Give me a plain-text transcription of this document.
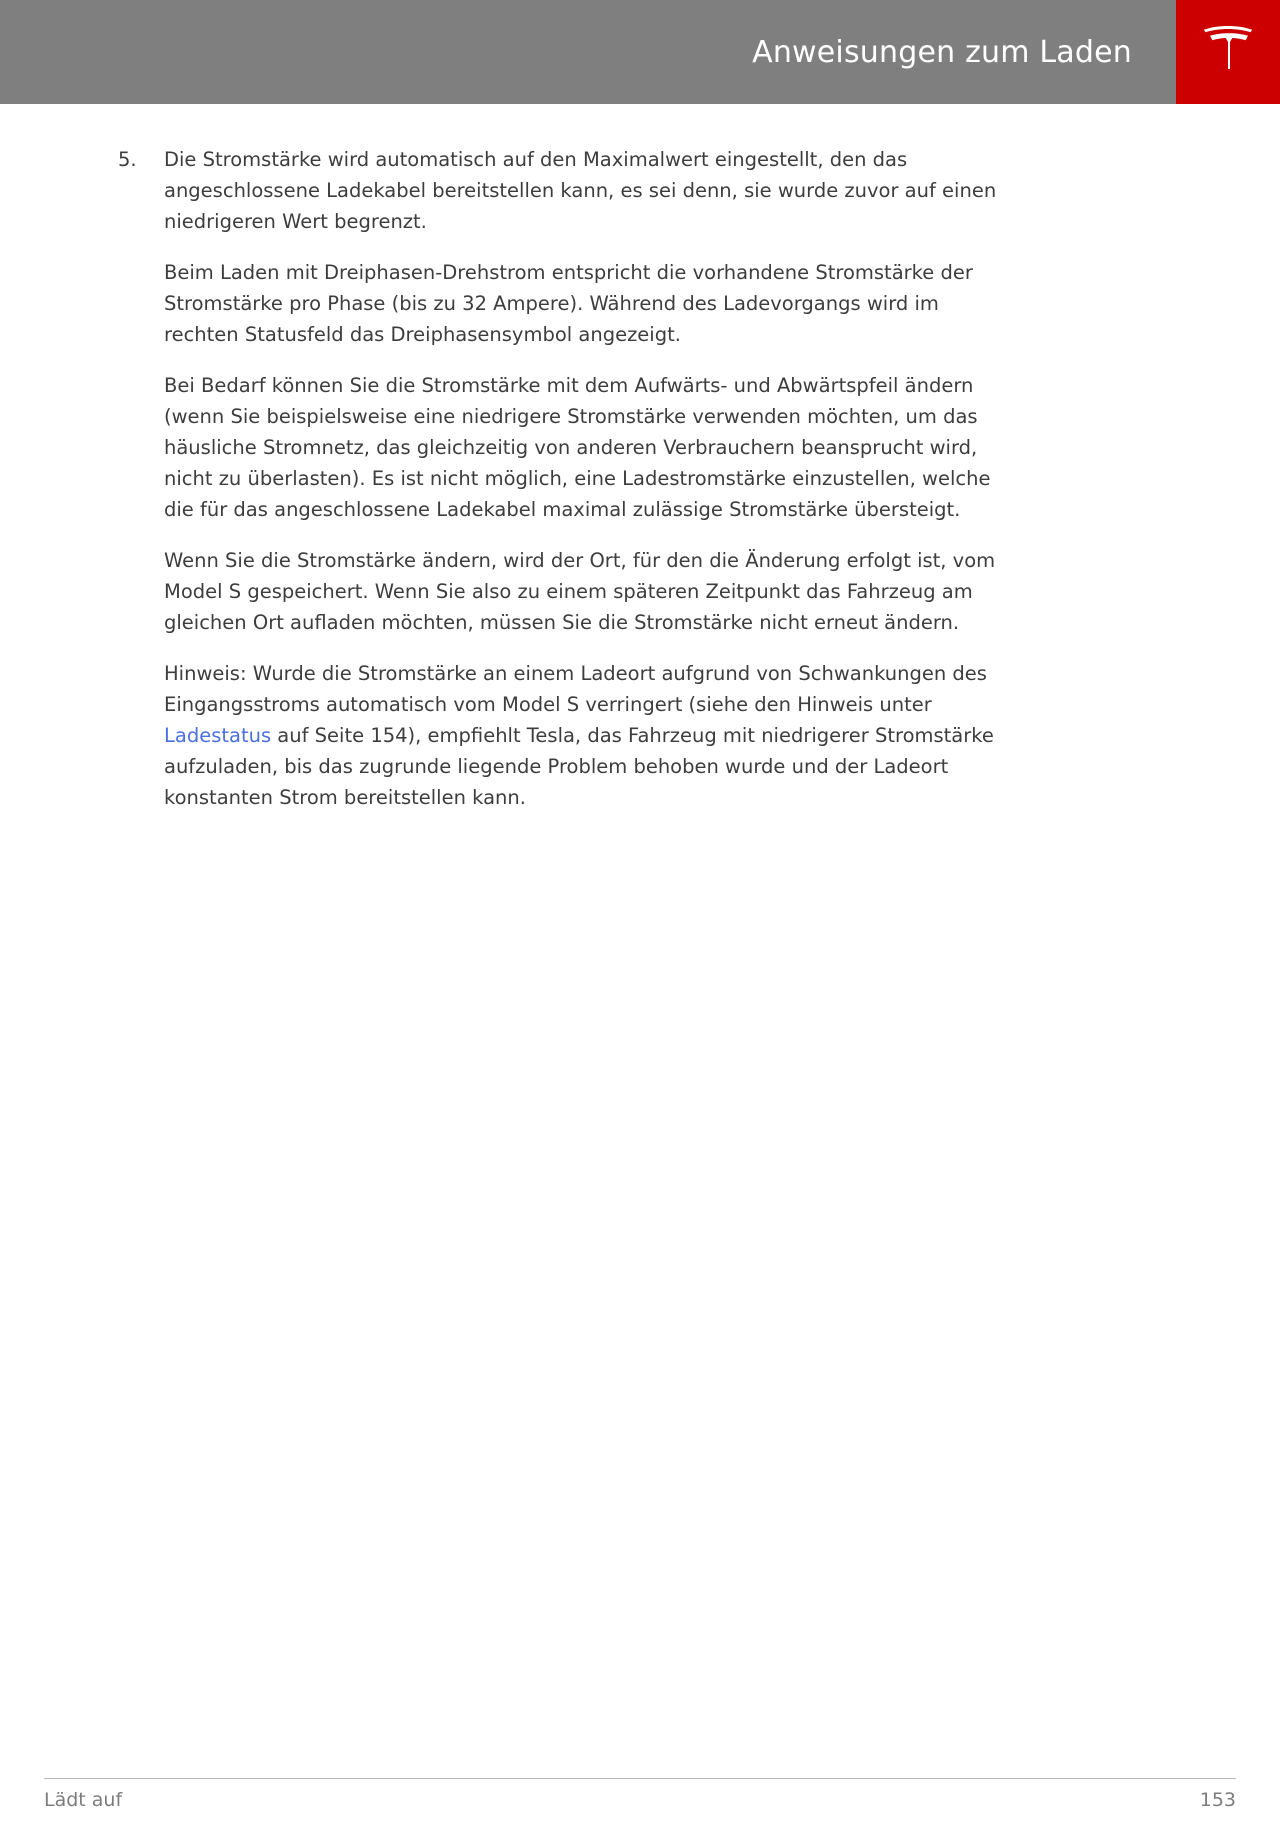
Anweisungen zum Laden
5.	Die Stromstärke wird automatisch auf den Maximalwert eingestellt, den das angeschlossene Ladekabel bereitstellen kann, es sei denn, sie wurde zuvor auf einen niedrigeren Wert begrenzt.

Beim Laden mit Dreiphasen-Drehstrom entspricht die vorhandene Stromstärke der Stromstärke pro Phase (bis zu 32 Ampere). Während des Ladevorgangs wird im rechten Statusfeld das Dreiphasensymbol angezeigt.

Bei Bedarf können Sie die Stromstärke mit dem Aufwärts- und Abwärtspfeil ändern (wenn Sie beispielsweise eine niedrigere Stromstärke verwenden möchten, um das häusliche Stromnetz, das gleichzeitig von anderen Verbrauchern beansprucht wird, nicht zu überlasten). Es ist nicht möglich, eine Ladestromstärke einzustellen, welche die für das angeschlossene Ladekabel maximal zulässige Stromstärke übersteigt.

Wenn Sie die Stromstärke ändern, wird der Ort, für den die Änderung erfolgt ist, vom Model S gespeichert. Wenn Sie also zu einem späteren Zeitpunkt das Fahrzeug am gleichen Ort aufladen möchten, müssen Sie die Stromstärke nicht erneut ändern.

Hinweis: Wurde die Stromstärke an einem Ladeort aufgrund von Schwankungen des Eingangsstroms automatisch vom Model S verringert (siehe den Hinweis unter Ladestatus auf Seite 154), empfiehlt Tesla, das Fahrzeug mit niedrigerer Stromstärke aufzuladen, bis das zugrunde liegende Problem behoben wurde und der Ladeort konstanten Strom bereitstellen kann.

Lädt auf	153
